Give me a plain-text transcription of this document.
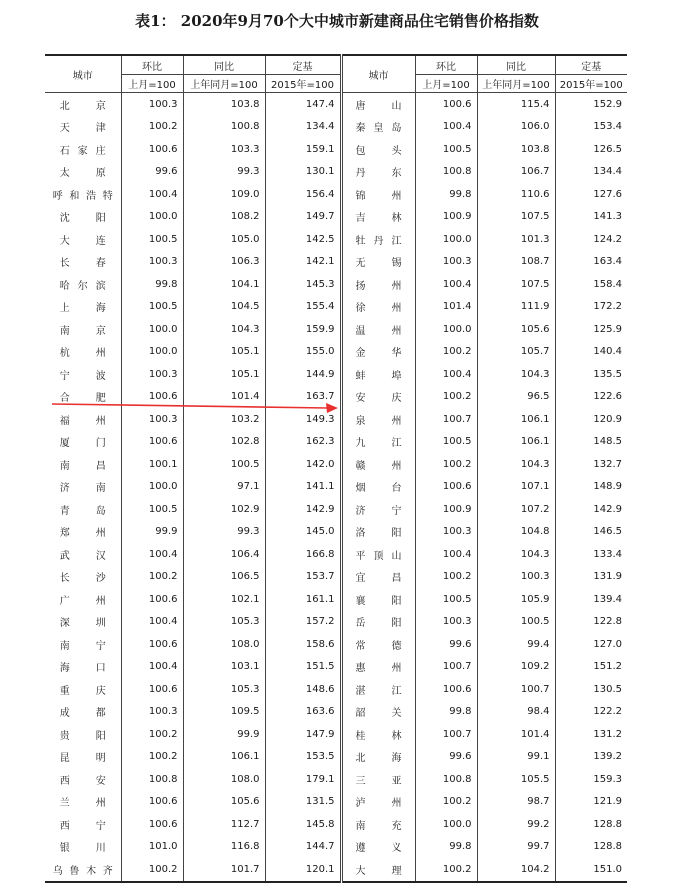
表1： 2020年9月70个大中城市新建商品住宅销售价格指数
城市	环比	同比	定基	城市	环比	同比	定基
	上月=100	上年同月=100	2015年=100		上月=100	上年同月=100	2015年=100
北 京	100.3	103.8	147.4	唐 山	100.6	115.4	152.9
天 津	100.2	100.8	134.4	秦皇岛	100.4	106.0	153.4
石家庄	100.6	103.3	159.1	包 头	100.5	103.8	126.5
太 原	99.6	99.3	130.1	丹 东	100.8	106.7	134.4
呼和浩特	100.4	109.0	156.4	锦 州	99.8	110.6	127.6
沈 阳	100.0	108.2	149.7	吉 林	100.9	107.5	141.3
大 连	100.5	105.0	142.5	牡丹江	100.0	101.3	124.2
长 春	100.3	106.3	142.1	无 锡	100.3	108.7	163.4
哈尔滨	99.8	104.1	145.3	扬 州	100.4	107.5	158.4
上 海	100.5	104.5	155.4	徐 州	101.4	111.9	172.2
南 京	100.0	104.3	159.9	温 州	100.0	105.6	125.9
杭 州	100.0	105.1	155.0	金 华	100.2	105.7	140.4
宁 波	100.3	105.1	144.9	蚌 埠	100.4	104.3	135.5
合 肥	100.6	101.4	163.7	安 庆	100.2	96.5	122.6
福 州	100.3	103.2	149.3	泉 州	100.7	106.1	120.9
厦 门	100.6	102.8	162.3	九 江	100.5	106.1	148.5
南 昌	100.1	100.5	142.0	赣 州	100.2	104.3	132.7
济 南	100.0	97.1	141.1	烟 台	100.6	107.1	148.9
青 岛	100.5	102.9	142.9	济 宁	100.9	107.2	142.9
郑 州	99.9	99.3	145.0	洛 阳	100.3	104.8	146.5
武 汉	100.4	106.4	166.8	平顶山	100.4	104.3	133.4
长 沙	100.2	106.5	153.7	宜 昌	100.2	100.3	131.9
广 州	100.6	102.1	161.1	襄 阳	100.5	105.9	139.4
深 圳	100.4	105.3	157.2	岳 阳	100.3	100.5	122.8
南 宁	100.6	108.0	158.6	常 德	99.6	99.4	127.0
海 口	100.4	103.1	151.5	惠 州	100.7	109.2	151.2
重 庆	100.6	105.3	148.6	湛 江	100.6	100.7	130.5
成 都	100.3	109.5	163.6	韶 关	99.8	98.4	122.2
贵 阳	100.2	99.9	147.9	桂 林	100.7	101.4	131.2
昆 明	100.2	106.1	153.5	北 海	99.6	99.1	139.2
西 安	100.8	108.0	179.1	三 亚	100.8	105.5	159.3
兰 州	100.6	105.6	131.5	泸 州	100.2	98.7	121.9
西 宁	100.6	112.7	145.8	南 充	100.0	99.2	128.8
银 川	101.0	116.8	144.7	遵 义	99.8	99.7	128.8
乌鲁木齐	100.2	101.7	120.1	大 理	100.2	104.2	151.0
